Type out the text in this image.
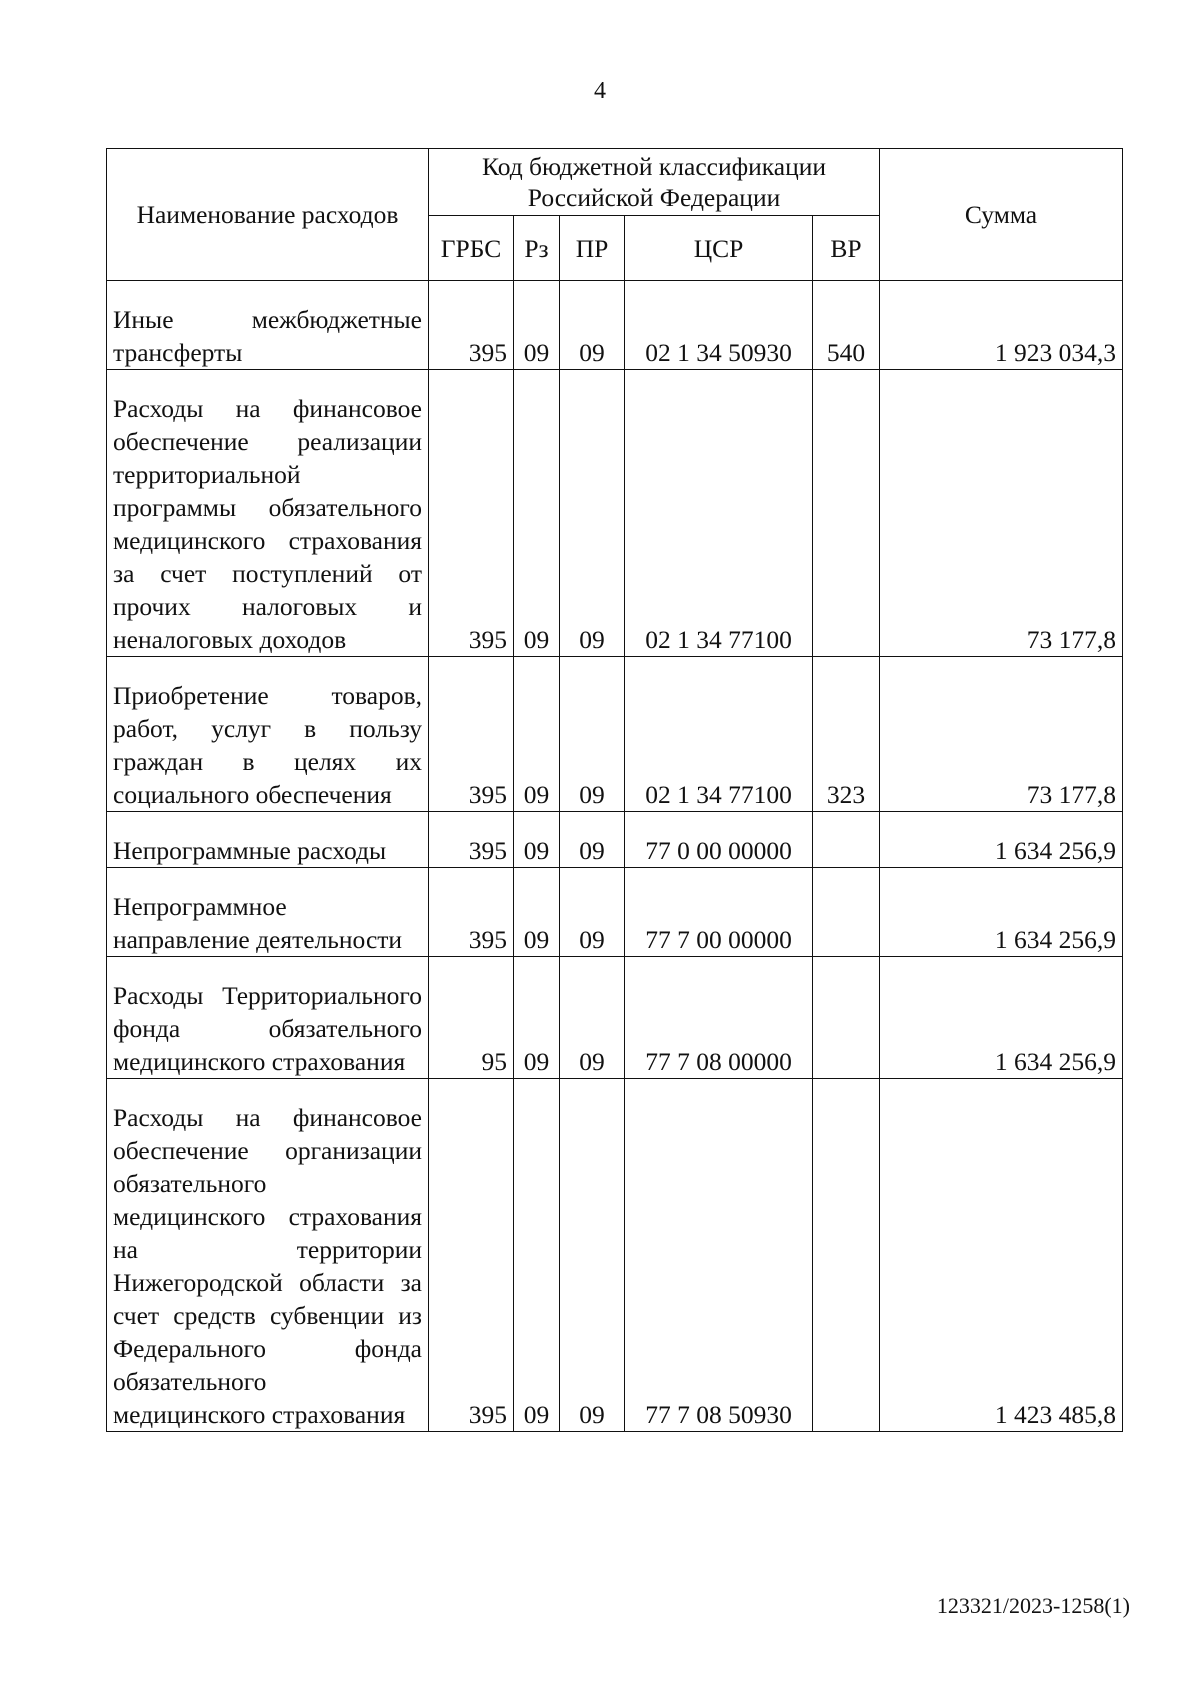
4
Наименование расходов	Код бюджетной классификации Российской Федерации					Сумма
	ГРБС	Рз	ПР	ЦСР	ВР	
Иные межбюджетные трансферты	395	09	09	02 1 34 50930	540	1 923 034,3
Расходы на финансовое обеспечение реализации территориальной программы обязательного медицинского страхования за счет поступлений от прочих налоговых и неналоговых доходов	395	09	09	02 1 34 77100		73 177,8
Приобретение товаров, работ, услуг в пользу граждан в целях их социального обеспечения	395	09	09	02 1 34 77100	323	73 177,8
Непрограммные расходы	395	09	09	77 0 00 00000		1 634 256,9
Непрограммное направление деятельности	395	09	09	77 7 00 00000		1 634 256,9
Расходы Территориального фонда обязательного медицинского страхования	95	09	09	77 7 08 00000		1 634 256,9
Расходы на финансовое обеспечение организации обязательного медицинского страхования на территории Нижегородской области за счет средств субвенции из Федерального фонда обязательного медицинского страхования	395	09	09	77 7 08 50930		1 423 485,8
123321/2023-1258(1)
